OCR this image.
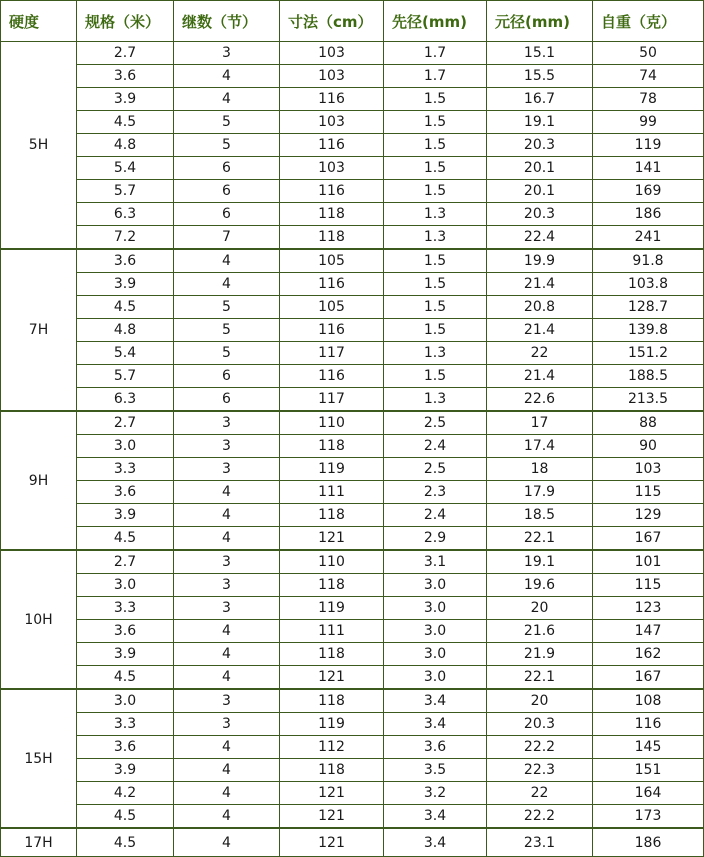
硬度	规格（米）	继数（节）	寸法（cm）	先径(mm)	元径(mm)	自重（克）
5H	2.7	3	103	1.7	15.1	50
	3.6	4	103	1.7	15.5	74
	3.9	4	116	1.5	16.7	78
	4.5	5	103	1.5	19.1	99
	4.8	5	116	1.5	20.3	119
	5.4	6	103	1.5	20.1	141
	5.7	6	116	1.5	20.1	169
	6.3	6	118	1.3	20.3	186
	7.2	7	118	1.3	22.4	241
7H	3.6	4	105	1.5	19.9	91.8
	3.9	4	116	1.5	21.4	103.8
	4.5	5	105	1.5	20.8	128.7
	4.8	5	116	1.5	21.4	139.8
	5.4	5	117	1.3	22	151.2
	5.7	6	116	1.5	21.4	188.5
	6.3	6	117	1.3	22.6	213.5
9H	2.7	3	110	2.5	17	88
	3.0	3	118	2.4	17.4	90
	3.3	3	119	2.5	18	103
	3.6	4	111	2.3	17.9	115
	3.9	4	118	2.4	18.5	129
	4.5	4	121	2.9	22.1	167
10H	2.7	3	110	3.1	19.1	101
	3.0	3	118	3.0	19.6	115
	3.3	3	119	3.0	20	123
	3.6	4	111	3.0	21.6	147
	3.9	4	118	3.0	21.9	162
	4.5	4	121	3.0	22.1	167
15H	3.0	3	118	3.4	20	108
	3.3	3	119	3.4	20.3	116
	3.6	4	112	3.6	22.2	145
	3.9	4	118	3.5	22.3	151
	4.2	4	121	3.2	22	164
	4.5	4	121	3.4	22.2	173
17H	4.5	4	121	3.4	23.1	186
